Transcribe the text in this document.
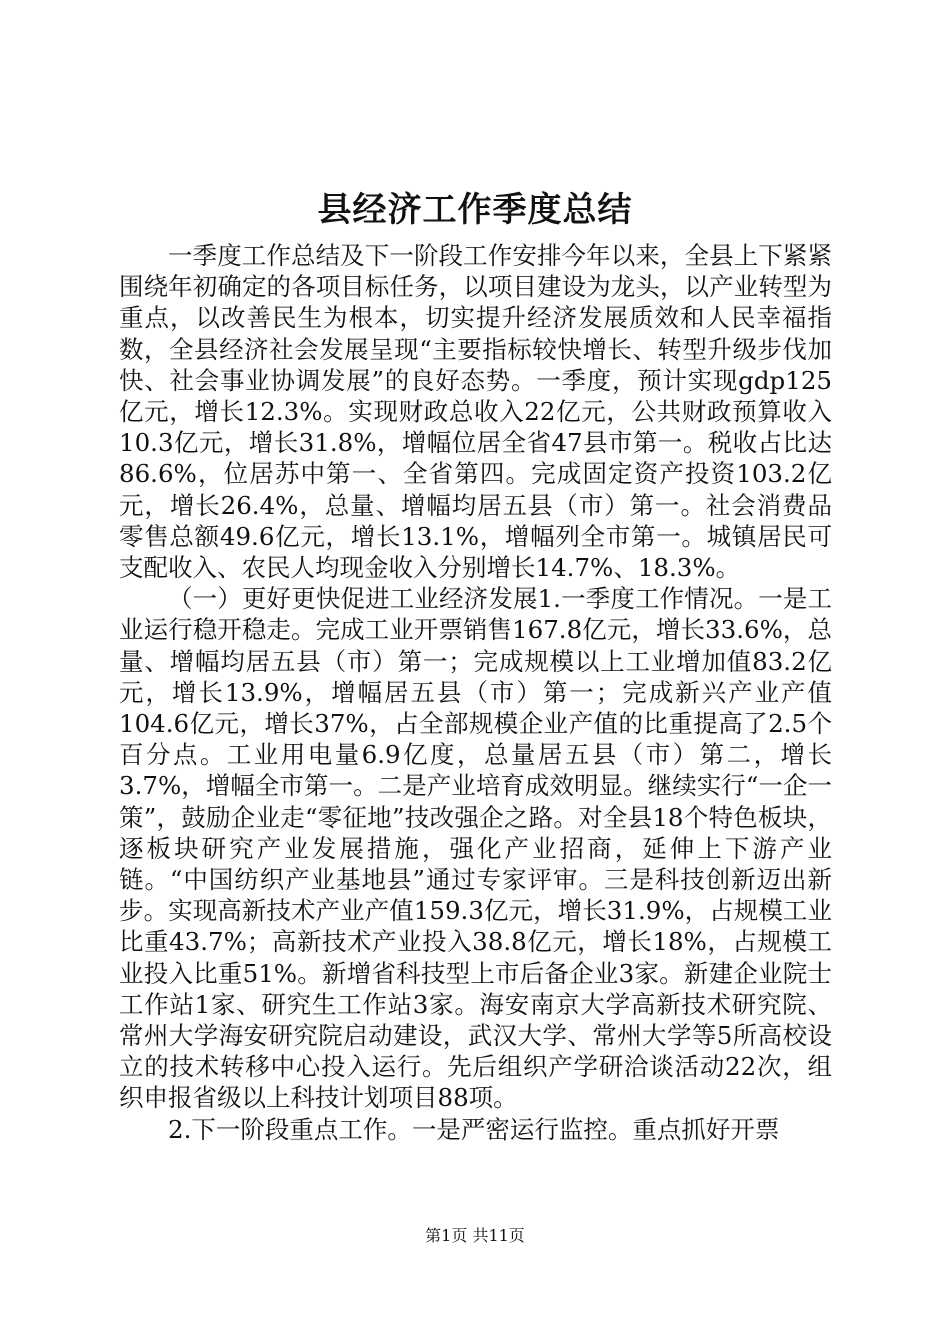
县经济工作季度总结

一季度工作总结及下一阶段工作安排今年以来，全县上下紧紧围绕年初确定的各项目标任务，以项目建设为龙头，以产业转型为重点，以改善民生为根本，切实提升经济发展质效和人民幸福指数，全县经济社会发展呈现“主要指标较快增长、转型升级步伐加快、社会事业协调发展”的良好态势。一季度，预计实现gdp125亿元，增长12.3%。实现财政总收入22亿元，公共财政预算收入10.3亿元，增长31.8%，增幅位居全省47县市第一。税收占比达86.6%，位居苏中第一、全省第四。完成固定资产投资103.2亿元，增长26.4%，总量、增幅均居五县（市）第一。社会消费品零售总额49.6亿元，增长13.1%，增幅列全市第一。城镇居民可支配收入、农民人均现金收入分别增长14.7%、18.3%。

（一）更好更快促进工业经济发展1.一季度工作情况。一是工业运行稳开稳走。完成工业开票销售167.8亿元，增长33.6%，总量、增幅均居五县（市）第一；完成规模以上工业增加值83.2亿元，增长13.9%，增幅居五县（市）第一；完成新兴产业产值104.6亿元，增长37%，占全部规模企业产值的比重提高了2.5个百分点。工业用电量6.9亿度，总量居五县（市）第二，增长3.7%，增幅全市第一。二是产业培育成效明显。继续实行“一企一策”，鼓励企业走“零征地”技改强企之路。对全县18个特色板块，逐板块研究产业发展措施，强化产业招商，延伸上下游产业链。“中国纺织产业基地县”通过专家评审。三是科技创新迈出新步。实现高新技术产业产值159.3亿元，增长31.9%，占规模工业比重43.7%；高新技术产业投入38.8亿元，增长18%，占规模工业投入比重51%。新增省科技型上市后备企业3家。新建企业院士工作站1家、研究生工作站3家。海安南京大学高新技术研究院、常州大学海安研究院启动建设，武汉大学、常州大学等5所高校设立的技术转移中心投入运行。先后组织产学研洽谈活动22次，组织申报省级以上科技计划项目88项。

2.下一阶段重点工作。一是严密运行监控。重点抓好开票

第1页 共11页
